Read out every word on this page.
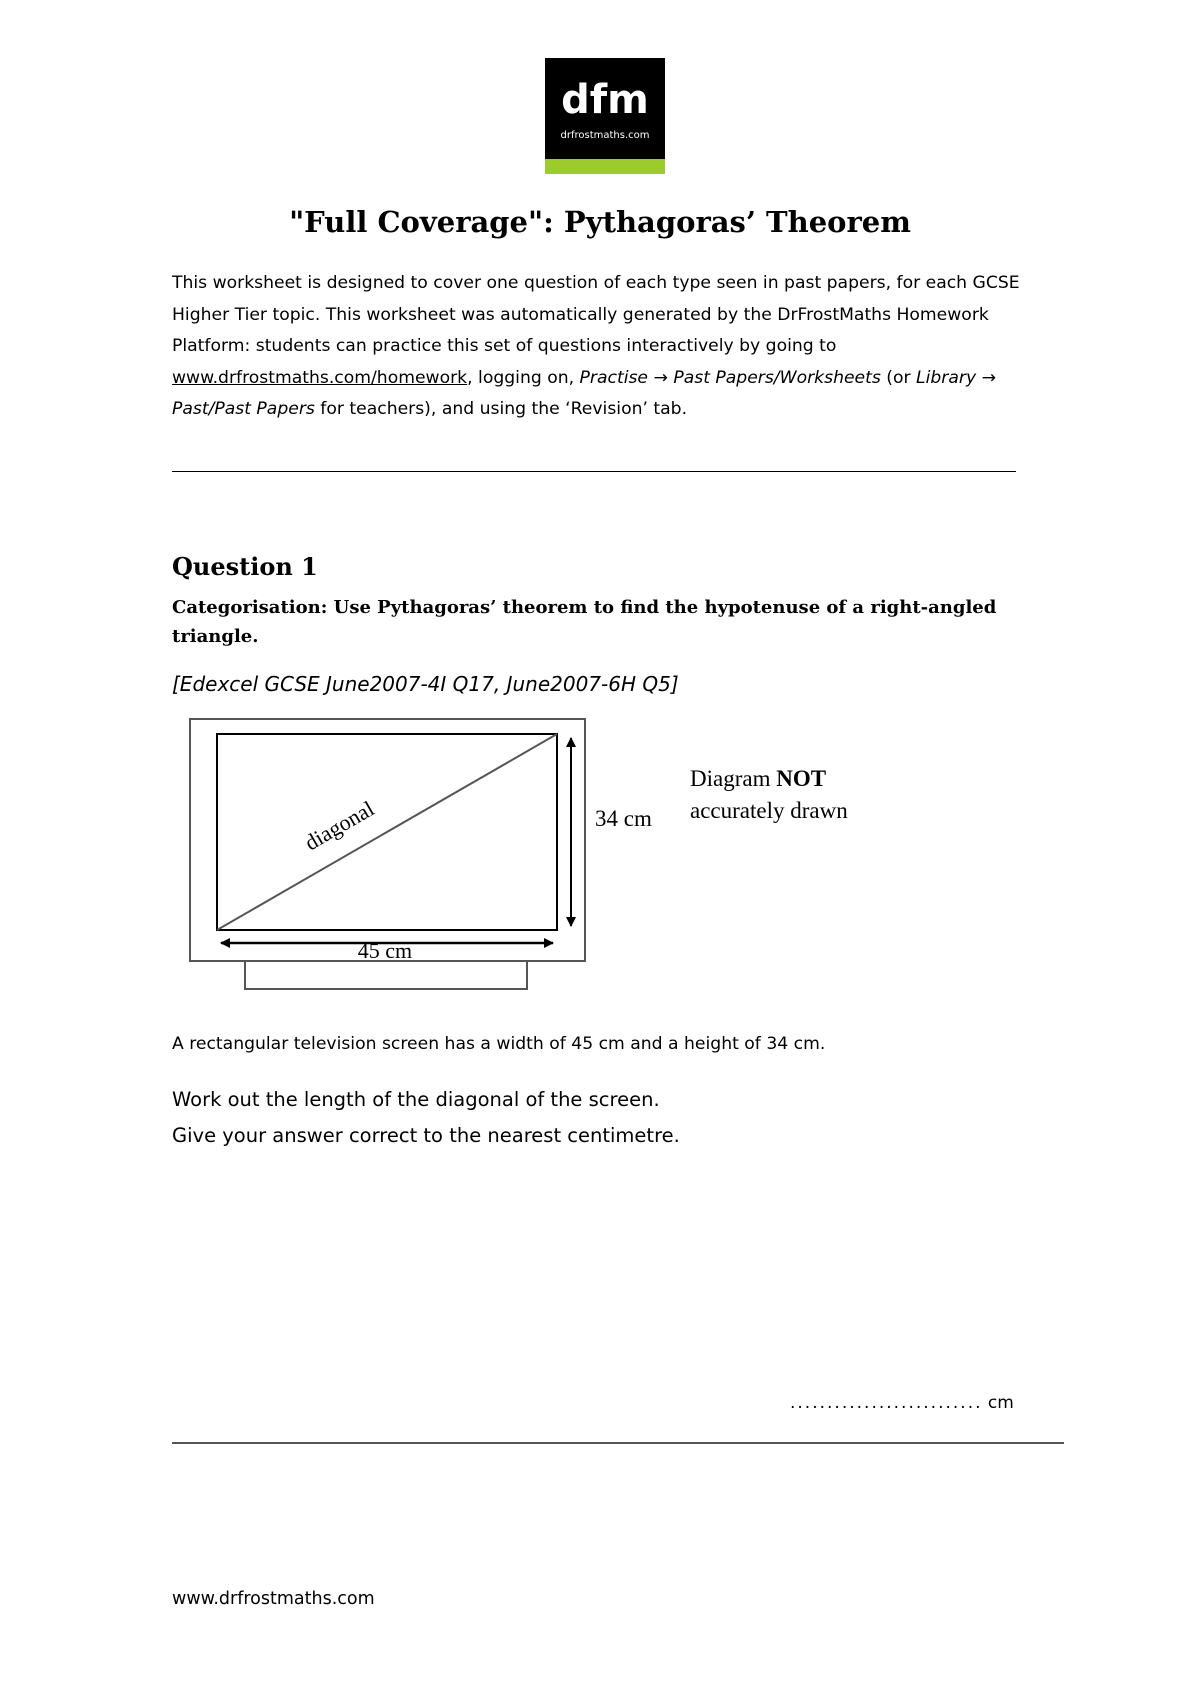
dfm
drfrostmaths.com
"Full Coverage": Pythagoras’ Theorem
This worksheet is designed to cover one question of each type seen in past papers, for each GCSE Higher Tier topic. This worksheet was automatically generated by the DrFrostMaths Homework Platform: students can practice this set of questions interactively by going to www.drfrostmaths.com/homework, logging on, Practise → Past Papers/Worksheets (or Library → Past/Past Papers for teachers), and using the ‘Revision’ tab.
Question 1
Categorisation: Use Pythagoras’ theorem to find the hypotenuse of a right-angled triangle.
[Edexcel GCSE June2007-4I Q17, June2007-6H Q5]
diagonal	34 cm
45 cm
Diagram NOT
accurately drawn
A rectangular television screen has a width of 45 cm and a height of 34 cm.
Work out the length of the diagonal of the screen.
Give your answer correct to the nearest centimetre.
.......................... cm
www.drfrostmaths.com
